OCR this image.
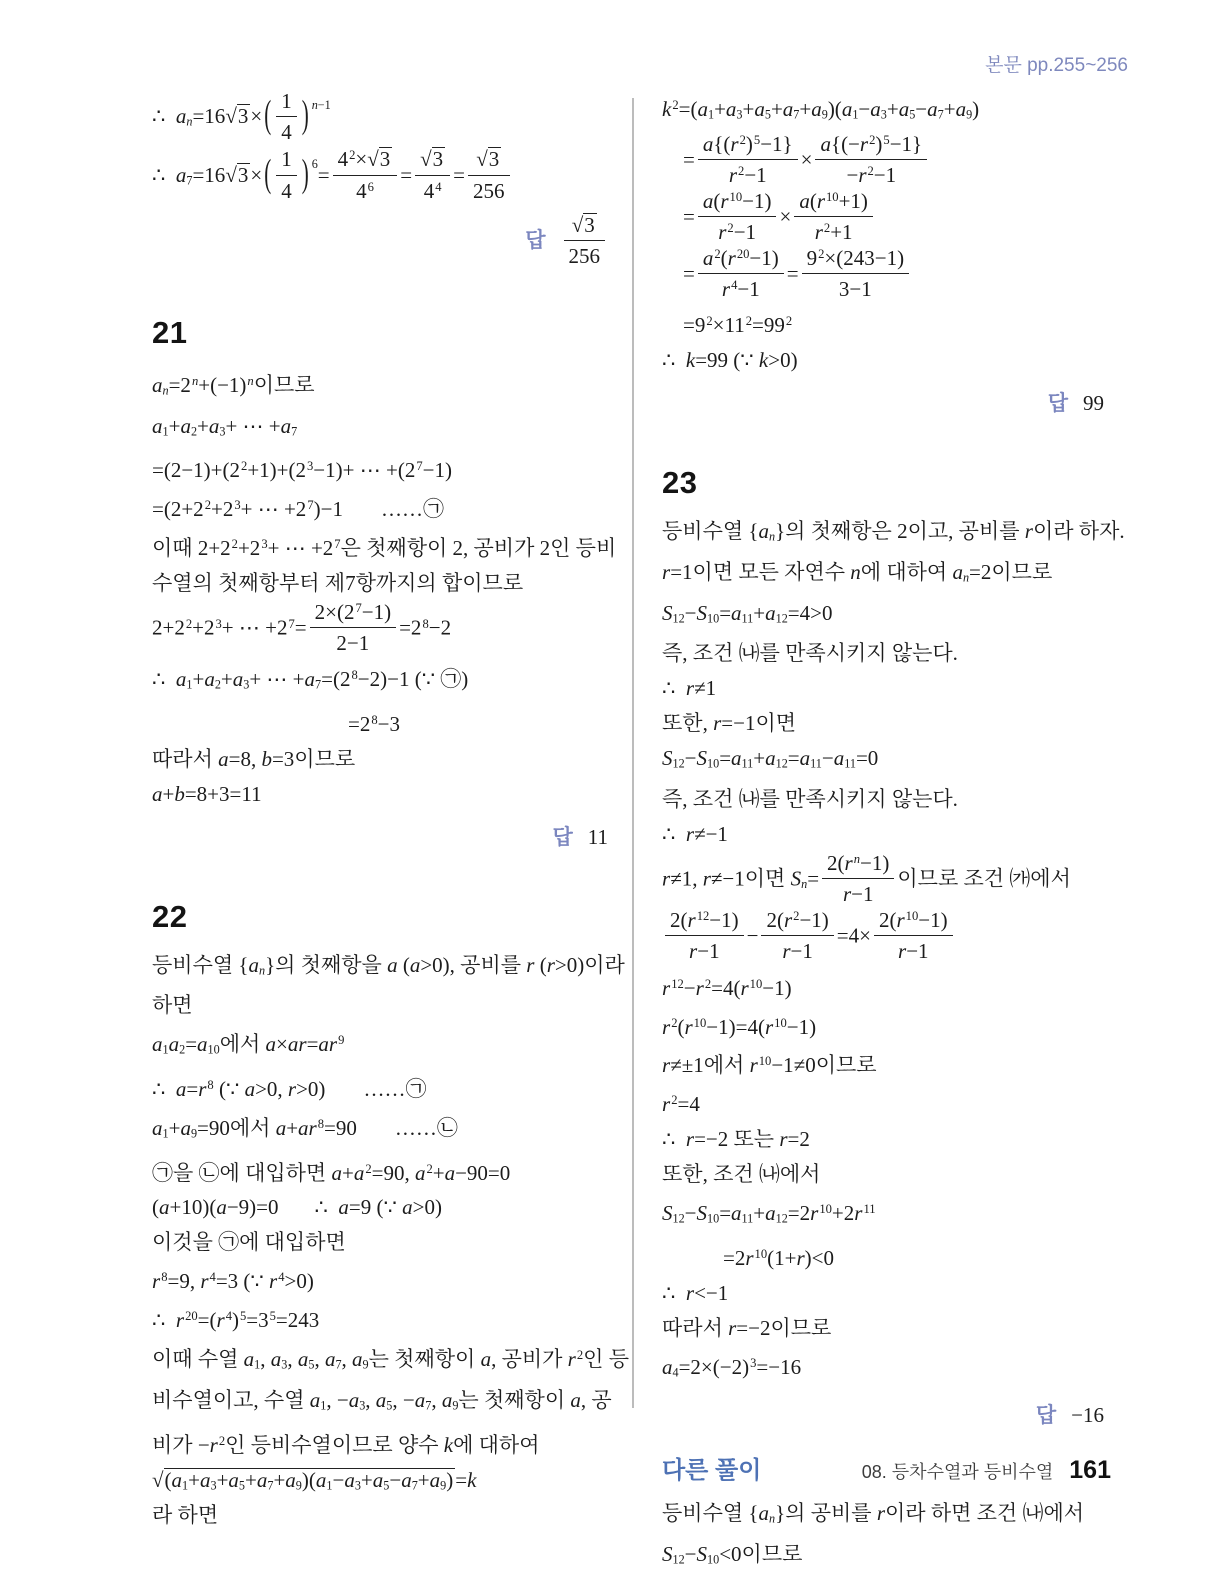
본문 pp.255~256
∴  $a_n=16√3\times( \frac{1}{4}$ ) $^{n-1}$
∴  $a_7=16√3\times( \frac{1}{4}$ ) $^6= \frac{4^2\times√3}{4^6} = \frac{√3}{4^4} = \frac{√3}{256}$
답 $\frac{√3}{256}$
21
$a_n=2^n+(-1)^n$이므로
$a_1+a_2+a_3+$ ⋯ $+a_7$
$=(2-1)+(2^2+1)+(2^3-1)+$ ⋯ $+(2^7-1)$
$=(2+2^2+2^3+$ ⋯ $+2^7)-1$ ……㉠
이때 $2+2^2+2^3+$ ⋯ $+2^7$은 첫째항이 2, 공비가 2인 등비
수열의 첫째항부터 제7항까지의 합이므로
$2+2^2+2^3+$ ⋯ $+2^7= \frac{2\times(2^7-1)}{2-1} =2^8-2$
∴  $a_1+a_2+a_3+$ ⋯ $+a_7=(2^8-2)-1$ (∵ ㉠)
$=2^8-3$
따라서 a=8, b=3이므로
a+b=8+3=11
답 11
22
등비수열 $\{a_n\}$의 첫째항을 a (a>0), 공비를 r (r>0)이라
하면
$a_1a_2=a_{10}$에서 $a\times ar=ar^9$
∴  $a=r^8$ (∵ a>0, r>0) ……㉠
$a_1+a_9=90$에서 $a+ar^8=90$ ……㉡
㉠을 ㉡에 대입하면 $a+a^2=90$, $a^2+a-90=0$
(a+10)(a−9)=0 ∴  a=9 (∵ a>0)
이것을 ㉠에 대입하면
$r^8=9$, $r^4=3$ (∵ $r^4>0$)
∴  $r^{20}=(r^4)^5=3^5=243$
이때 수열 $a_1$, $a_3$, $a_5$, $a_7$, $a_9$는 첫째항이 a, 공비가 $r^2$인 등
비수열이고, 수열 $a_1$, $-a_3$, $a_5$, $-a_7$, $a_9$는 첫째항이 a, 공
비가 $-r^2$인 등비수열이므로 양수 k에 대하여
$√(a_1+a_3+a_5+a_7+a_9)(a_1-a_3+a_5-a_7+a_9)=k$
라 하면
$k^2=(a_1+a_3+a_5+a_7+a_9)(a_1-a_3+a_5-a_7+a_9)$
= $\frac{a\{(r^2)^5-1\}}{r^2-1} \times \frac{a\{(-r^2)^5-1\}}{-r^2-1}$
= $\frac{a(r^{10}-1)}{r^2-1} \times \frac{a(r^{10}+1)}{r^2+1}$
= $\frac{a^2(r^{20}-1)}{r^4-1} = \frac{9^2\times(243-1)}{3-1}$
$=9^2\times 11^2=99^2$
∴  k=99 (∵ k>0)
답 99
23
등비수열 $\{a_n\}$의 첫째항은 2이고, 공비를 r이라 하자.
r=1이면 모든 자연수 n에 대하여 $a_n=2$이므로
$S_{12}-S_{10}=a_{11}+a_{12}=4>0$
즉, 조건 ㈏를 만족시키지 않는다.
∴  r≠1
또한, r=−1이면
$S_{12}-S_{10}=a_{11}+a_{12}=a_{11}-a_{11}=0$
즉, 조건 ㈏를 만족시키지 않는다.
∴  r≠−1
r≠1, r≠−1이면 $S_n= \frac{2(r^n-1)}{r-1}$ 이므로 조건 ㈎에서
$\frac{2(r^{12}-1)}{r-1} - \frac{2(r^2-1)}{r-1} =4\times \frac{2(r^{10}-1)}{r-1}$
$r^{12}-r^2=4(r^{10}-1)$
$r^2(r^{10}-1)=4(r^{10}-1)$
r≠±1에서 $r^{10}-1\ne 0$이므로
$r^2=4$
∴  r=−2 또는 r=2
또한, 조건 ㈏에서
$S_{12}-S_{10}=a_{11}+a_{12}=2r^{10}+2r^{11}$
$=2r^{10}(1+r)<0$
∴  r<−1
따라서 r=−2이므로
$a_4=2\times(-2)^3=-16$
답 −16
다른 풀이
등비수열 $\{a_n\}$의 공비를 r이라 하면 조건 ㈏에서
$S_{12}-S_{10}<0$이므로
08. 등차수열과 등비수열 161
